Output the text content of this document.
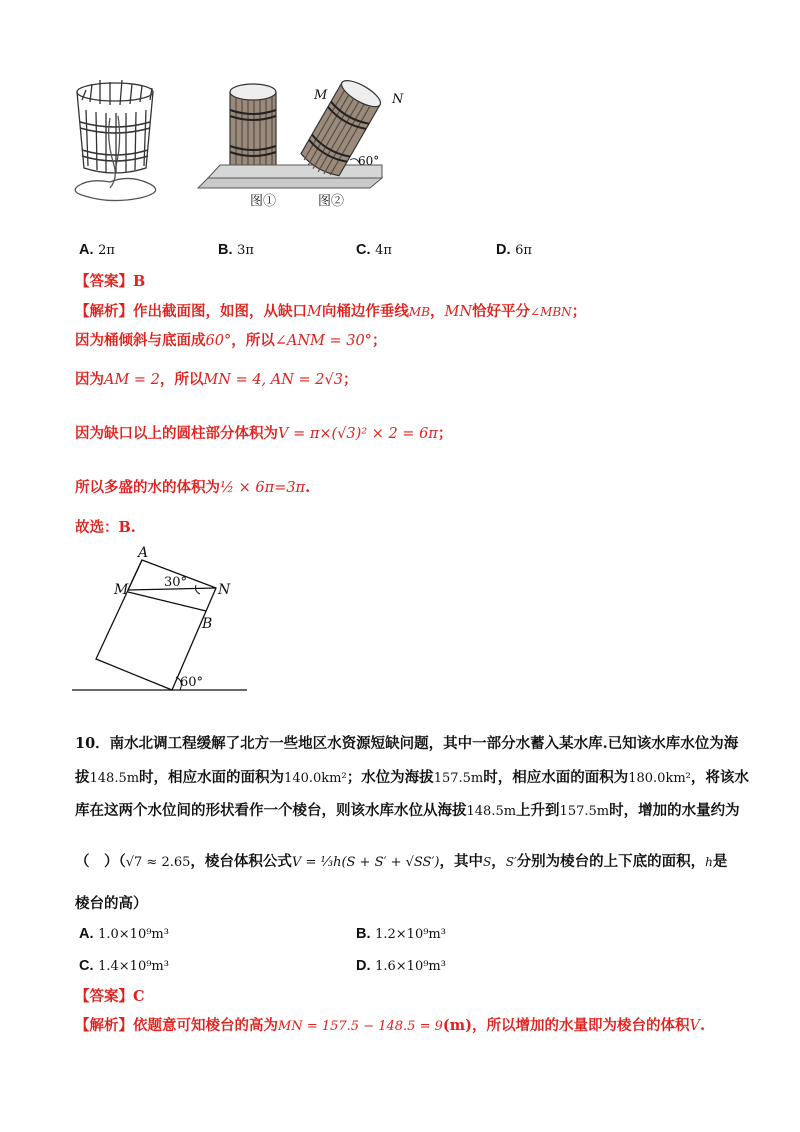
M	N
60°
图①	图②
A. 2π	B. 3π	C. 4π	D. 6π
【答案】B
【解析】作出截面图，如图，从缺口M向桶边作垂线MB，MN恰好平分∠MBN；
因为桶倾斜与底面成60°，所以∠ANM = 30°；
因为AM = 2，所以MN = 4, AN = 2√3；
因为缺口以上的圆柱部分体积为V = π×(√3)² × 2 = 6π；
所以多盛的水的体积为½ × 6π=3π.
故选：B.
A
M	N
B
30°
60°
10．南水北调工程缓解了北方一些地区水资源短缺问题，其中一部分水蓄入某水库.已知该水库水位为海
拔148.5m时，相应水面的面积为140.0km²；水位为海拔157.5m时，相应水面的面积为180.0km²，将该水
库在这两个水位间的形状看作一个棱台，则该水库水位从海拔148.5m上升到157.5m时，增加的水量约为
（　）（√7 ≈ 2.65，棱台体积公式V = ⅓h(S + S′ + √SS′)，其中S，S′分别为棱台的上下底的面积，h是
棱台的高）
A. 1.0×10⁹m³	B. 1.2×10⁹m³
C. 1.4×10⁹m³	D. 1.6×10⁹m³
【答案】C
【解析】依题意可知棱台的高为MN = 157.5 − 148.5 = 9(m)，所以增加的水量即为棱台的体积V.
